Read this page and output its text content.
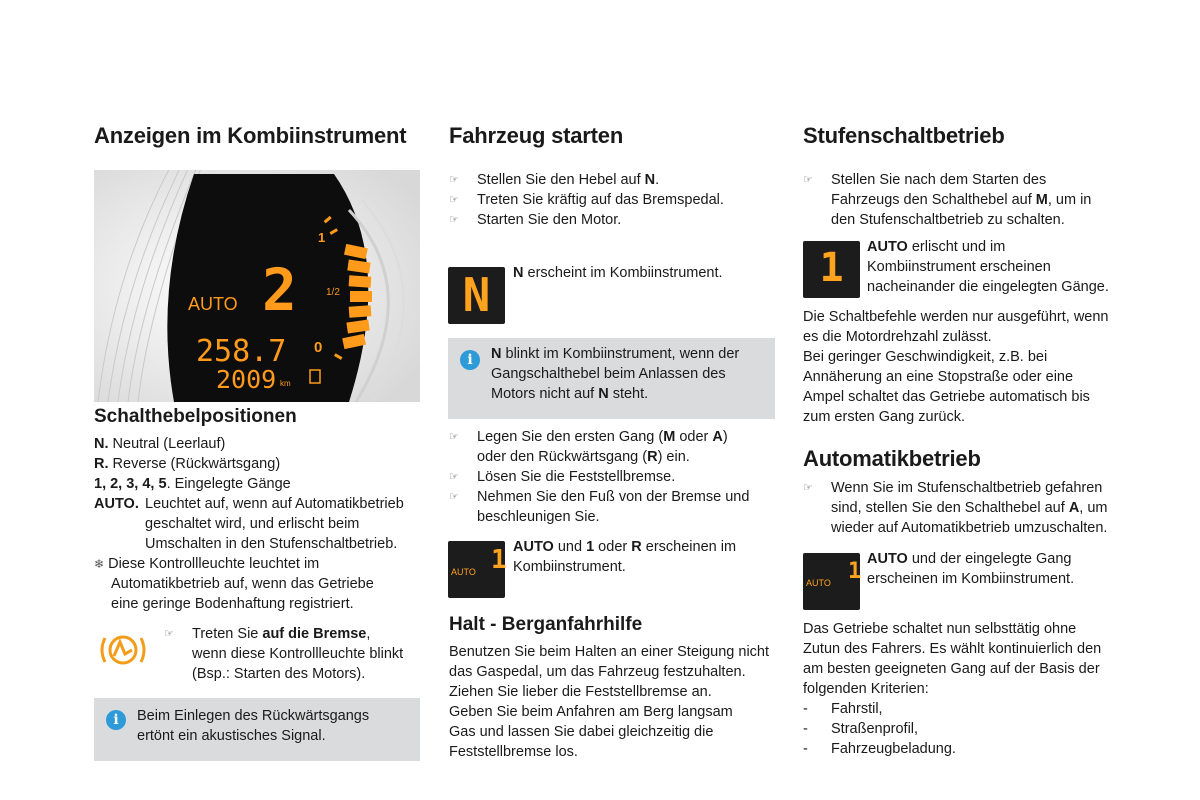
Anzeigen im Kombiinstrument
1
1/2
0
AUTO 2
258.7
2009 km
Schalthebelpositionen
N. Neutral (Leerlauf)
R. Reverse (Rückwärtsgang)
1, 2, 3, 4, 5. Eingelegte Gänge
AUTO. Leuchtet auf, wenn auf Automatikbetrieb
geschaltet wird, und erlischt beim
Umschalten in den Stufenschaltbetrieb.
❄ Diese Kontrollleuchte leuchtet im
Automatikbetrieb auf, wenn das Getriebe
eine geringe Bodenhaftung registriert.
☞ Treten Sie auf die Bremse,
wenn diese Kontrollleuchte blinkt
(Bsp.: Starten des Motors).
i	Beim Einlegen des Rückwärtsgangs
ertönt ein akustisches Signal.
Fahrzeug starten
☞ Stellen Sie den Hebel auf N.
☞ Treten Sie kräftig auf das Bremspedal.
☞ Starten Sie den Motor.
N	N erscheint im Kombiinstrument.
i	N blinkt im Kombiinstrument, wenn der
Gangschalthebel beim Anlassen des
Motors nicht auf N steht.
☞ Legen Sie den ersten Gang (M oder A)
oder den Rückwärtsgang (R) ein.
☞ Lösen Sie die Feststellbremse.
☞ Nehmen Sie den Fuß von der Bremse und
beschleunigen Sie.
AUTO 1 AUTO und 1 oder R erscheinen im
Kombiinstrument.
Halt - Berganfahrhilfe
Benutzen Sie beim Halten an einer Steigung nicht
das Gaspedal, um das Fahrzeug festzuhalten.
Ziehen Sie lieber die Feststellbremse an.
Geben Sie beim Anfahren am Berg langsam
Gas und lassen Sie dabei gleichzeitig die
Feststellbremse los.
Stufenschaltbetrieb
☞ Stellen Sie nach dem Starten des
Fahrzeugs den Schalthebel auf M, um in
den Stufenschaltbetrieb zu schalten.
1	AUTO erlischt und im
Kombiinstrument erscheinen
nacheinander die eingelegten Gänge.
Die Schaltbefehle werden nur ausgeführt, wenn
es die Motordrehzahl zulässt.
Bei geringer Geschwindigkeit, z.B. bei
Annäherung an eine Stopstraße oder eine
Ampel schaltet das Getriebe automatisch bis
zum ersten Gang zurück.
Automatikbetrieb
☞ Wenn Sie im Stufenschaltbetrieb gefahren
sind, stellen Sie den Schalthebel auf A, um
wieder auf Automatikbetrieb umzuschalten.
AUTO 1 AUTO und der eingelegte Gang
erscheinen im Kombiinstrument.
Das Getriebe schaltet nun selbsttätig ohne
Zutun des Fahrers. Es wählt kontinuierlich den
am besten geeigneten Gang auf der Basis der
folgenden Kriterien:
- Fahrstil,
- Straßenprofil,
- Fahrzeugbeladung.
